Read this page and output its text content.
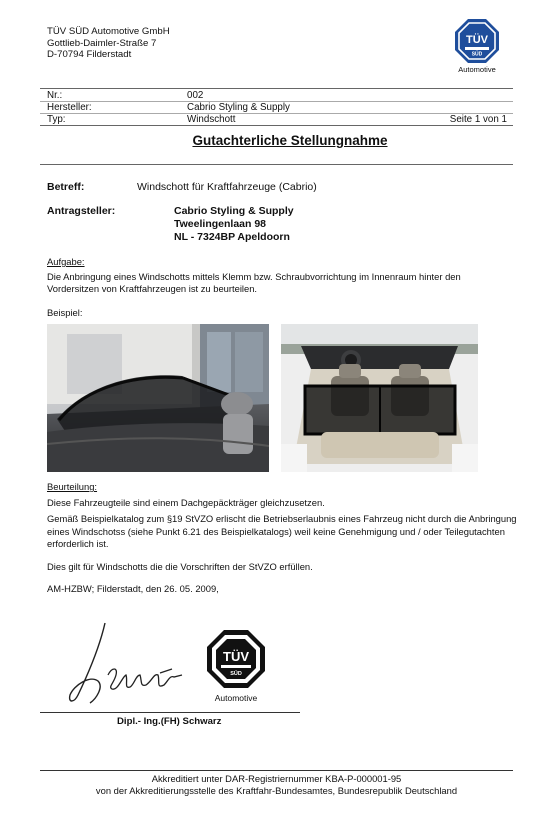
TÜV SÜD Automotive GmbH
Gottlieb-Daimler-Straße 7
D-70794 Filderstadt
TÜV
SÜD
Automotive
Nr.:	002
Hersteller:	Cabrio Styling & Supply
Typ:	Windschott	Seite 1 von 1
Gutachterliche Stellungnahme
Betreff:	Windschott für Kraftfahrzeuge (Cabrio)
Antragsteller:	Cabrio Styling & Supply
Tweelingenlaan 98
NL - 7324BP Apeldoorn
Aufgabe:
Die Anbringung eines Windschotts mittels Klemm bzw. Schraubvorrichtung im Innenraum hinter den Vordersitzen von Kraftfahrzeugen ist zu beurteilen.
Beispiel:
Beurteilung:
Diese Fahrzeugteile sind einem Dachgepäckträger gleichzusetzen.
Gemäß Beispielkatalog zum §19 StVZO erlischt die Betriebserlaubnis eines Fahrzeug nicht durch die Anbringung eines Windschotss (siehe Punkt 6.21 des Beispielkatalogs) weil keine Genehmigung und / oder Teilegutachten erforderlich ist.
Dies gilt für Windschotts die die Vorschriften der StVZO erfüllen.
AM-HZBW; Filderstadt, den 26. 05. 2009,
TÜV
SÜD
Automotive
Dipl.- Ing.(FH) Schwarz
Akkreditiert unter DAR-Registriernummer KBA-P-000001-95
von der Akkreditierungsstelle des Kraftfahr-Bundesamtes, Bundesrepublik Deutschland
